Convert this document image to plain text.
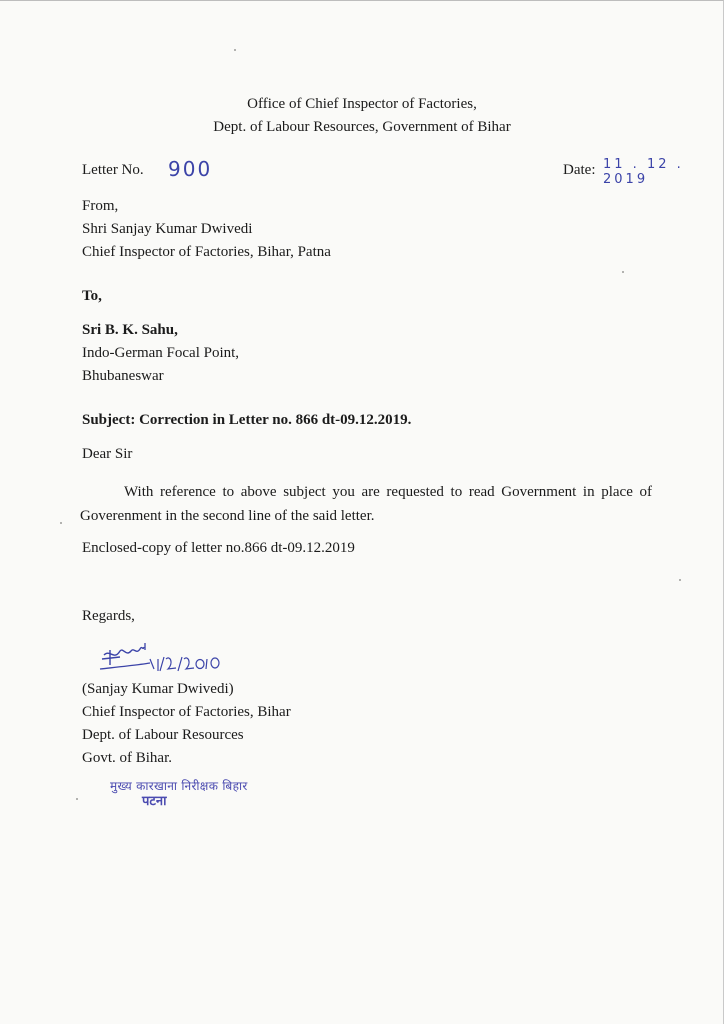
Office of Chief Inspector of Factories,
Dept. of Labour Resources, Government of Bihar
Letter No. 900	Date: 11 . 12 . 2019
From,
Shri Sanjay Kumar Dwivedi
Chief Inspector of Factories, Bihar, Patna
To,
Sri B. K. Sahu,
Indo-German Focal Point,
Bhubaneswar
Subject: Correction in Letter no. 866 dt-09.12.2019.
Dear Sir
With reference to above subject you are requested to read Government in place of Goverenment in the second line of the said letter.
Enclosed-copy of letter no.866 dt-09.12.2019
Regards,
(Sanjay Kumar Dwivedi)
Chief Inspector of Factories, Bihar
Dept. of Labour Resources
Govt. of Bihar.
मुख्य कारखाना निरीक्षक बिहार
पटना
